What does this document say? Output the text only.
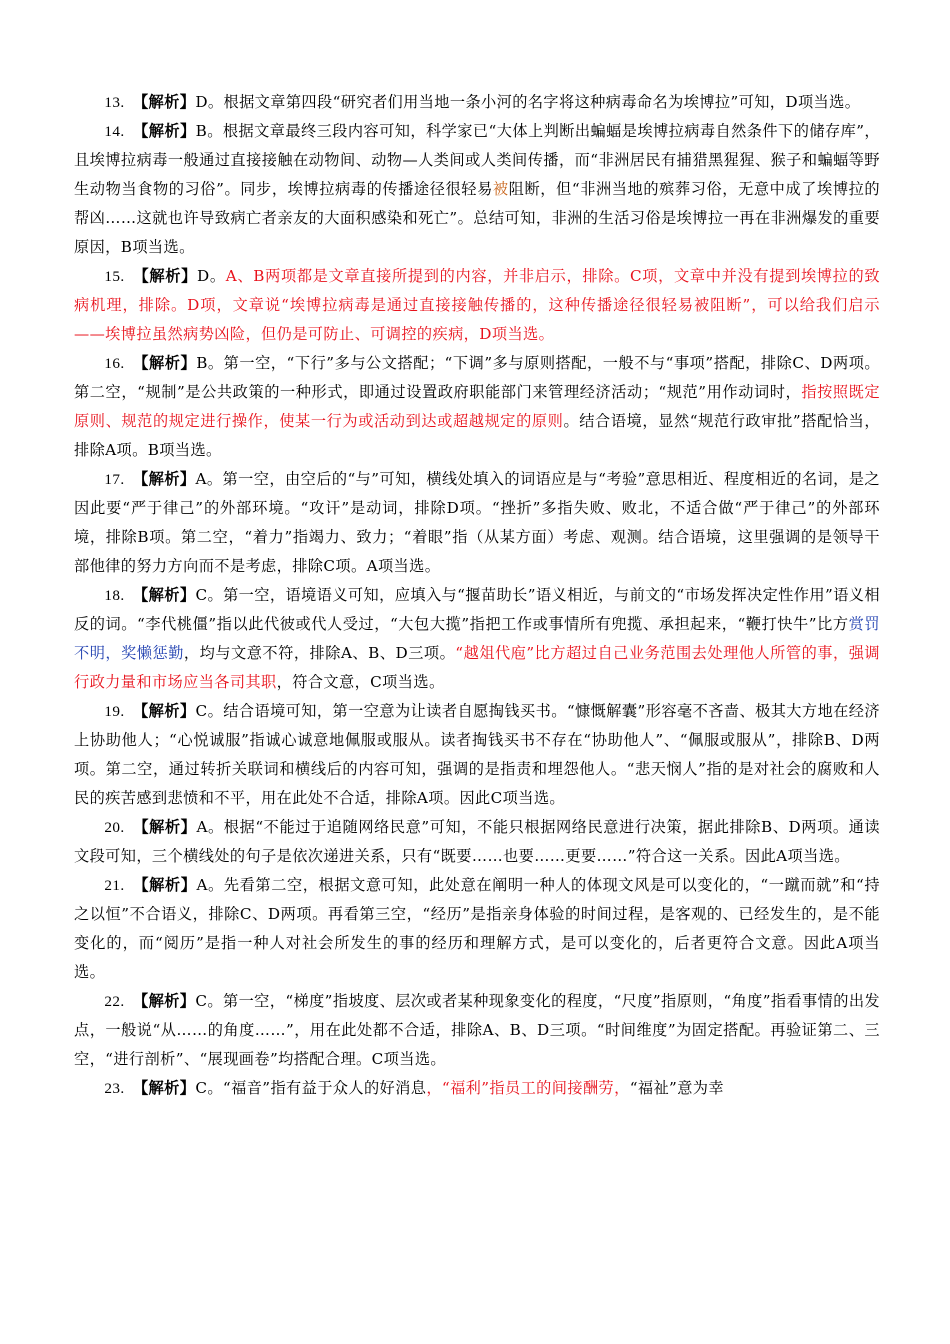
13.  【解析】D。根据文章第四段“研究者们用当地一条小河的名字将这种病毒命名为埃博拉”可知，D项当选。

14.  【解析】B。根据文章最终三段内容可知，科学家已“大体上判断出蝙蝠是埃博拉病毒自然条件下的储存库”，且埃博拉病毒一般通过直接接触在动物间、动物—人类间或人类间传播，而“非洲居民有捕猎黑猩猩、猴子和蝙蝠等野生动物当食物的习俗”。同步，埃博拉病毒的传播途径很轻易被阻断，但“非洲当地的殡葬习俗，无意中成了埃博拉的帮凶……这就也许导致病亡者亲友的大面积感染和死亡”。总结可知，非洲的生活习俗是埃博拉一再在非洲爆发的重要原因，B项当选。

15.  【解析】D。A、B两项都是文章直接所提到的内容，并非启示，排除。C项，文章中并没有提到埃博拉的致病机理，排除。D项，文章说“埃博拉病毒是通过直接接触传播的，这种传播途径很轻易被阻断”，可以给我们启示——埃博拉虽然病势凶险，但仍是可防止、可调控的疾病，D项当选。

16.  【解析】B。第一空，“下行”多与公文搭配；“下调”多与原则搭配，一般不与“事项”搭配，排除C、D两项。第二空，“规制”是公共政策的一种形式，即通过设置政府职能部门来管理经济活动；“规范”用作动词时，指按照既定原则、规范的规定进行操作，使某一行为或活动到达或超越规定的原则。结合语境，显然“规范行政审批”搭配恰当，排除A项。B项当选。

17.  【解析】A。第一空，由空后的“与”可知，横线处填入的词语应是与“考验”意思相近、程度相近的名词，是之因此要“严于律己”的外部环境。“攻讦”是动词，排除D项。“挫折”多指失败、败北，不适合做“严于律己”的外部环境，排除B项。第二空，“着力”指竭力、致力；“着眼”指（从某方面）考虑、观测。结合语境，这里强调的是领导干部他律的努力方向而不是考虑，排除C项。A项当选。

18.  【解析】C。第一空，语境语义可知，应填入与“揠苗助长”语义相近，与前文的“市场发挥决定性作用”语义相反的词。“李代桃僵”指以此代彼或代人受过，“大包大揽”指把工作或事情所有兜揽、承担起来，“鞭打快牛”比方赏罚不明，奖懒惩勤，均与文意不符，排除A、B、D三项。“越俎代庖”比方超过自己业务范围去处理他人所管的事，强调行政力量和市场应当各司其职，符合文意，C项当选。

19.  【解析】C。结合语境可知，第一空意为让读者自愿掏钱买书。“慷慨解囊”形容毫不吝啬、极其大方地在经济上协助他人；“心悦诚服”指诚心诚意地佩服或服从。读者掏钱买书不存在“协助他人”、“佩服或服从”，排除B、D两项。第二空，通过转折关联词和横线后的内容可知，强调的是指责和埋怨他人。“悲天悯人”指的是对社会的腐败和人民的疾苦感到悲愤和不平，用在此处不合适，排除A项。因此C项当选。

20.  【解析】A。根据“不能过于追随网络民意”可知，不能只根据网络民意进行决策，据此排除B、D两项。通读文段可知，三个横线处的句子是依次递进关系，只有“既要……也要……更要……”符合这一关系。因此A项当选。

21.  【解析】A。先看第二空，根据文意可知，此处意在阐明一种人的体现文风是可以变化的，“一蹴而就”和“持之以恒”不合语义，排除C、D两项。再看第三空，“经历”是指亲身体验的时间过程，是客观的、已经发生的，是不能变化的，而“阅历”是指一种人对社会所发生的事的经历和理解方式，是可以变化的，后者更符合文意。因此A项当选。

22.  【解析】C。第一空，“梯度”指坡度、层次或者某种现象变化的程度，“尺度”指原则，“角度”指看事情的出发点，一般说“从……的角度……”，用在此处都不合适，排除A、B、D三项。“时间维度”为固定搭配。再验证第二、三空，“进行剖析”、“展现画卷”均搭配合理。C项当选。

23.  【解析】C。“福音”指有益于众人的好消息，“福利”指员工的间接酬劳，“福祉”意为幸
